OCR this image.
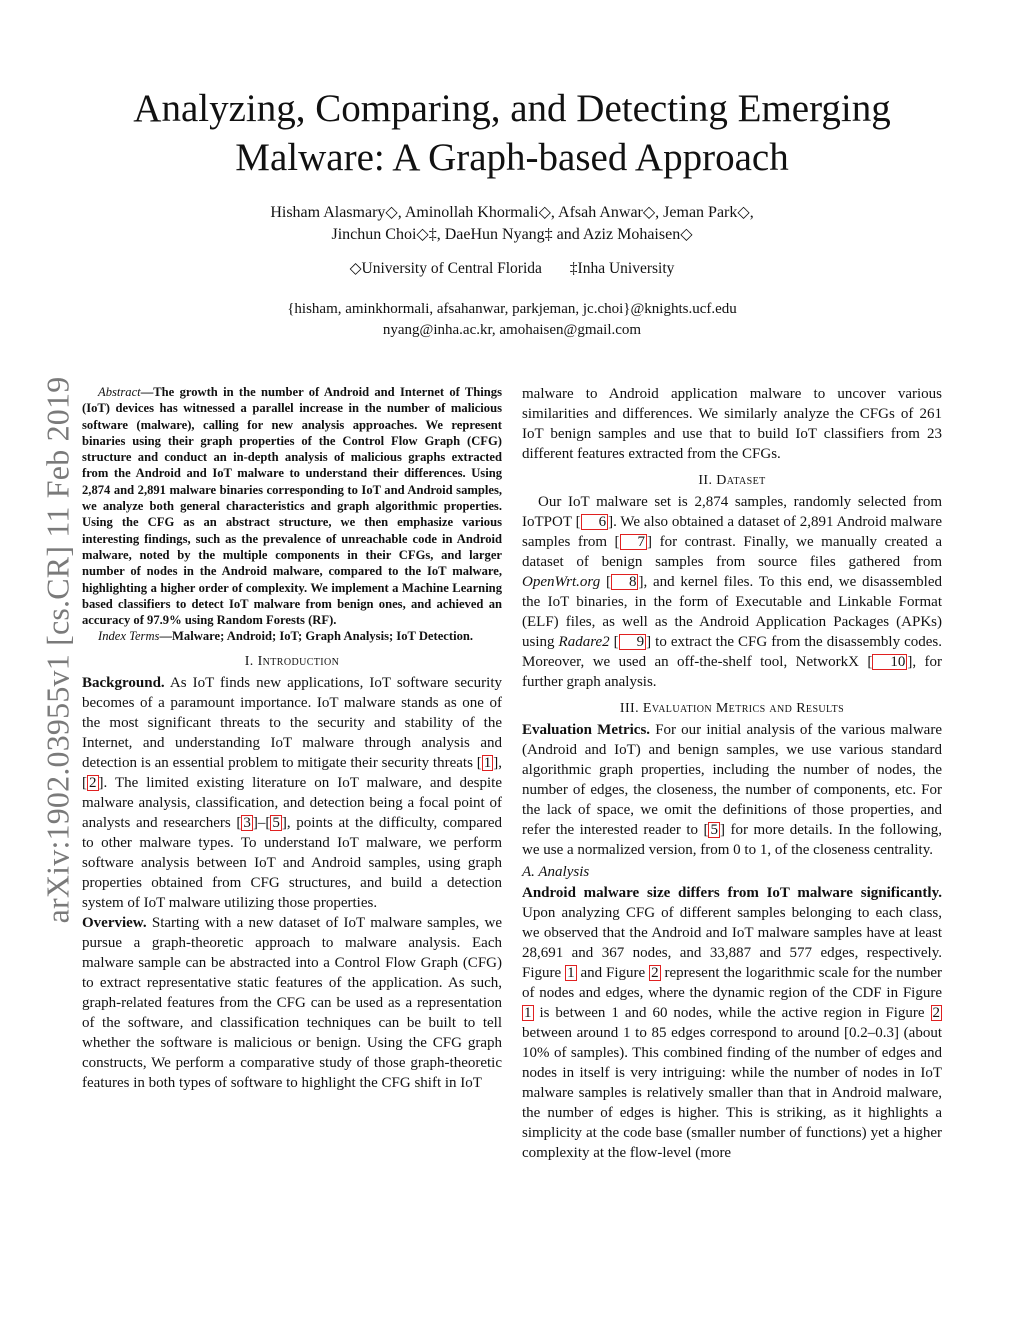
arXiv:1902.03955v1 [cs.CR] 11 Feb 2019
Analyzing, Comparing, and Detecting Emerging Malware: A Graph-based Approach
Hisham Alasmary◇, Aminollah Khormali◇, Afsah Anwar◇, Jeman Park◇,
Jinchun Choi◇‡, DaeHun Nyang‡ and Aziz Mohaisen◇
◇University of Central Florida ‡Inha University
{hisham, aminkhormali, afsahanwar, parkjeman, jc.choi}@knights.ucf.edu
nyang@inha.ac.kr, amohaisen@gmail.com

Abstract—The growth in the number of Android and Internet of Things (IoT) devices has witnessed a parallel increase in the number of malicious software (malware), calling for new analysis approaches. We represent binaries using their graph properties of the Control Flow Graph (CFG) structure and conduct an in-depth analysis of malicious graphs extracted from the Android and IoT malware to understand their differences. Using 2,874 and 2,891 malware binaries corresponding to IoT and Android samples, we analyze both general characteristics and graph algorithmic properties. Using the CFG as an abstract structure, we then emphasize various interesting findings, such as the prevalence of unreachable code in Android malware, noted by the multiple components in their CFGs, and larger number of nodes in the Android malware, compared to the IoT malware, highlighting a higher order of complexity. We implement a Machine Learning based classifiers to detect IoT malware from benign ones, and achieved an accuracy of 97.9% using Random Forests (RF).

Index Terms—Malware; Android; IoT; Graph Analysis; IoT Detection.

I. Introduction

Background. As IoT finds new applications, IoT software security becomes of a paramount importance. IoT malware stands as one of the most significant threats to the security and stability of the Internet, and understanding IoT malware through analysis and detection is an essential problem to mitigate their security threats [ 1 ], [ 2 ]. The limited existing literature on IoT malware, and despite malware analysis, classification, and detection being a focal point of analysts and researchers [ 3 ]–[ 5 ], points at the difficulty, compared to other malware types. To understand IoT malware, we perform software analysis between IoT and Android samples, using graph properties obtained from CFG structures, and build a detection system of IoT malware utilizing those properties.

Overview. Starting with a new dataset of IoT malware samples, we pursue a graph-theoretic approach to malware analysis. Each malware sample can be abstracted into a Control Flow Graph (CFG) to extract representative static features of the application. As such, graph-related features from the CFG can be used as a representation of the software, and classification techniques can be built to tell whether the software is malicious or benign. Using the CFG graph constructs, We perform a comparative study of those graph-theoretic features in both types of software to highlight the CFG shift in IoT

malware to Android application malware to uncover various similarities and differences. We similarly analyze the CFGs of 261 IoT benign samples and use that to build IoT classifiers from 23 different features extracted from the CFGs.

II. Dataset

Our IoT malware set is 2,874 samples, randomly selected from IoTPOT [ 6 ]. We also obtained a dataset of 2,891 Android malware samples from [ 7 ] for contrast. Finally, we manually created a dataset of benign samples from source files gathered from OpenWrt.org [ 8 ], and kernel files. To this end, we disassembled the IoT binaries, in the form of Executable and Linkable Format (ELF) files, as well as the Android Application Packages (APKs) using Radare2 [ 9 ] to extract the CFG from the disassembly codes. Moreover, we used an off-the-shelf tool, NetworkX [ 10 ], for further graph analysis.

III. Evaluation Metrics and Results

Evaluation Metrics. For our initial analysis of the various malware (Android and IoT) and benign samples, we use various standard algorithmic graph properties, including the number of nodes, the number of edges, the closeness, the number of components, etc. For the lack of space, we omit the definitions of those properties, and refer the interested reader to [ 5 ] for more details. In the following, we use a normalized version, from 0 to 1, of the closeness centrality.

A. Analysis

Android malware size differs from IoT malware significantly. Upon analyzing CFG of different samples belonging to each class, we observed that the Android and IoT malware samples have at least 28,691 and 367 nodes, and 33,887 and 577 edges, respectively. Figure 1 and Figure 2 represent the logarithmic scale for the number of nodes and edges, where the dynamic region of the CDF in Figure 1 is between 1 and 60 nodes, while the active region in Figure 2 between around 1 to 85 edges correspond to around [0.2–0.3] (about 10% of samples). This combined finding of the number of edges and nodes in itself is very intriguing: while the number of nodes in IoT malware samples is relatively smaller than that in Android malware, the number of edges is higher. This is striking, as it highlights a simplicity at the code base (smaller number of functions) yet a higher complexity at the flow-level (more
